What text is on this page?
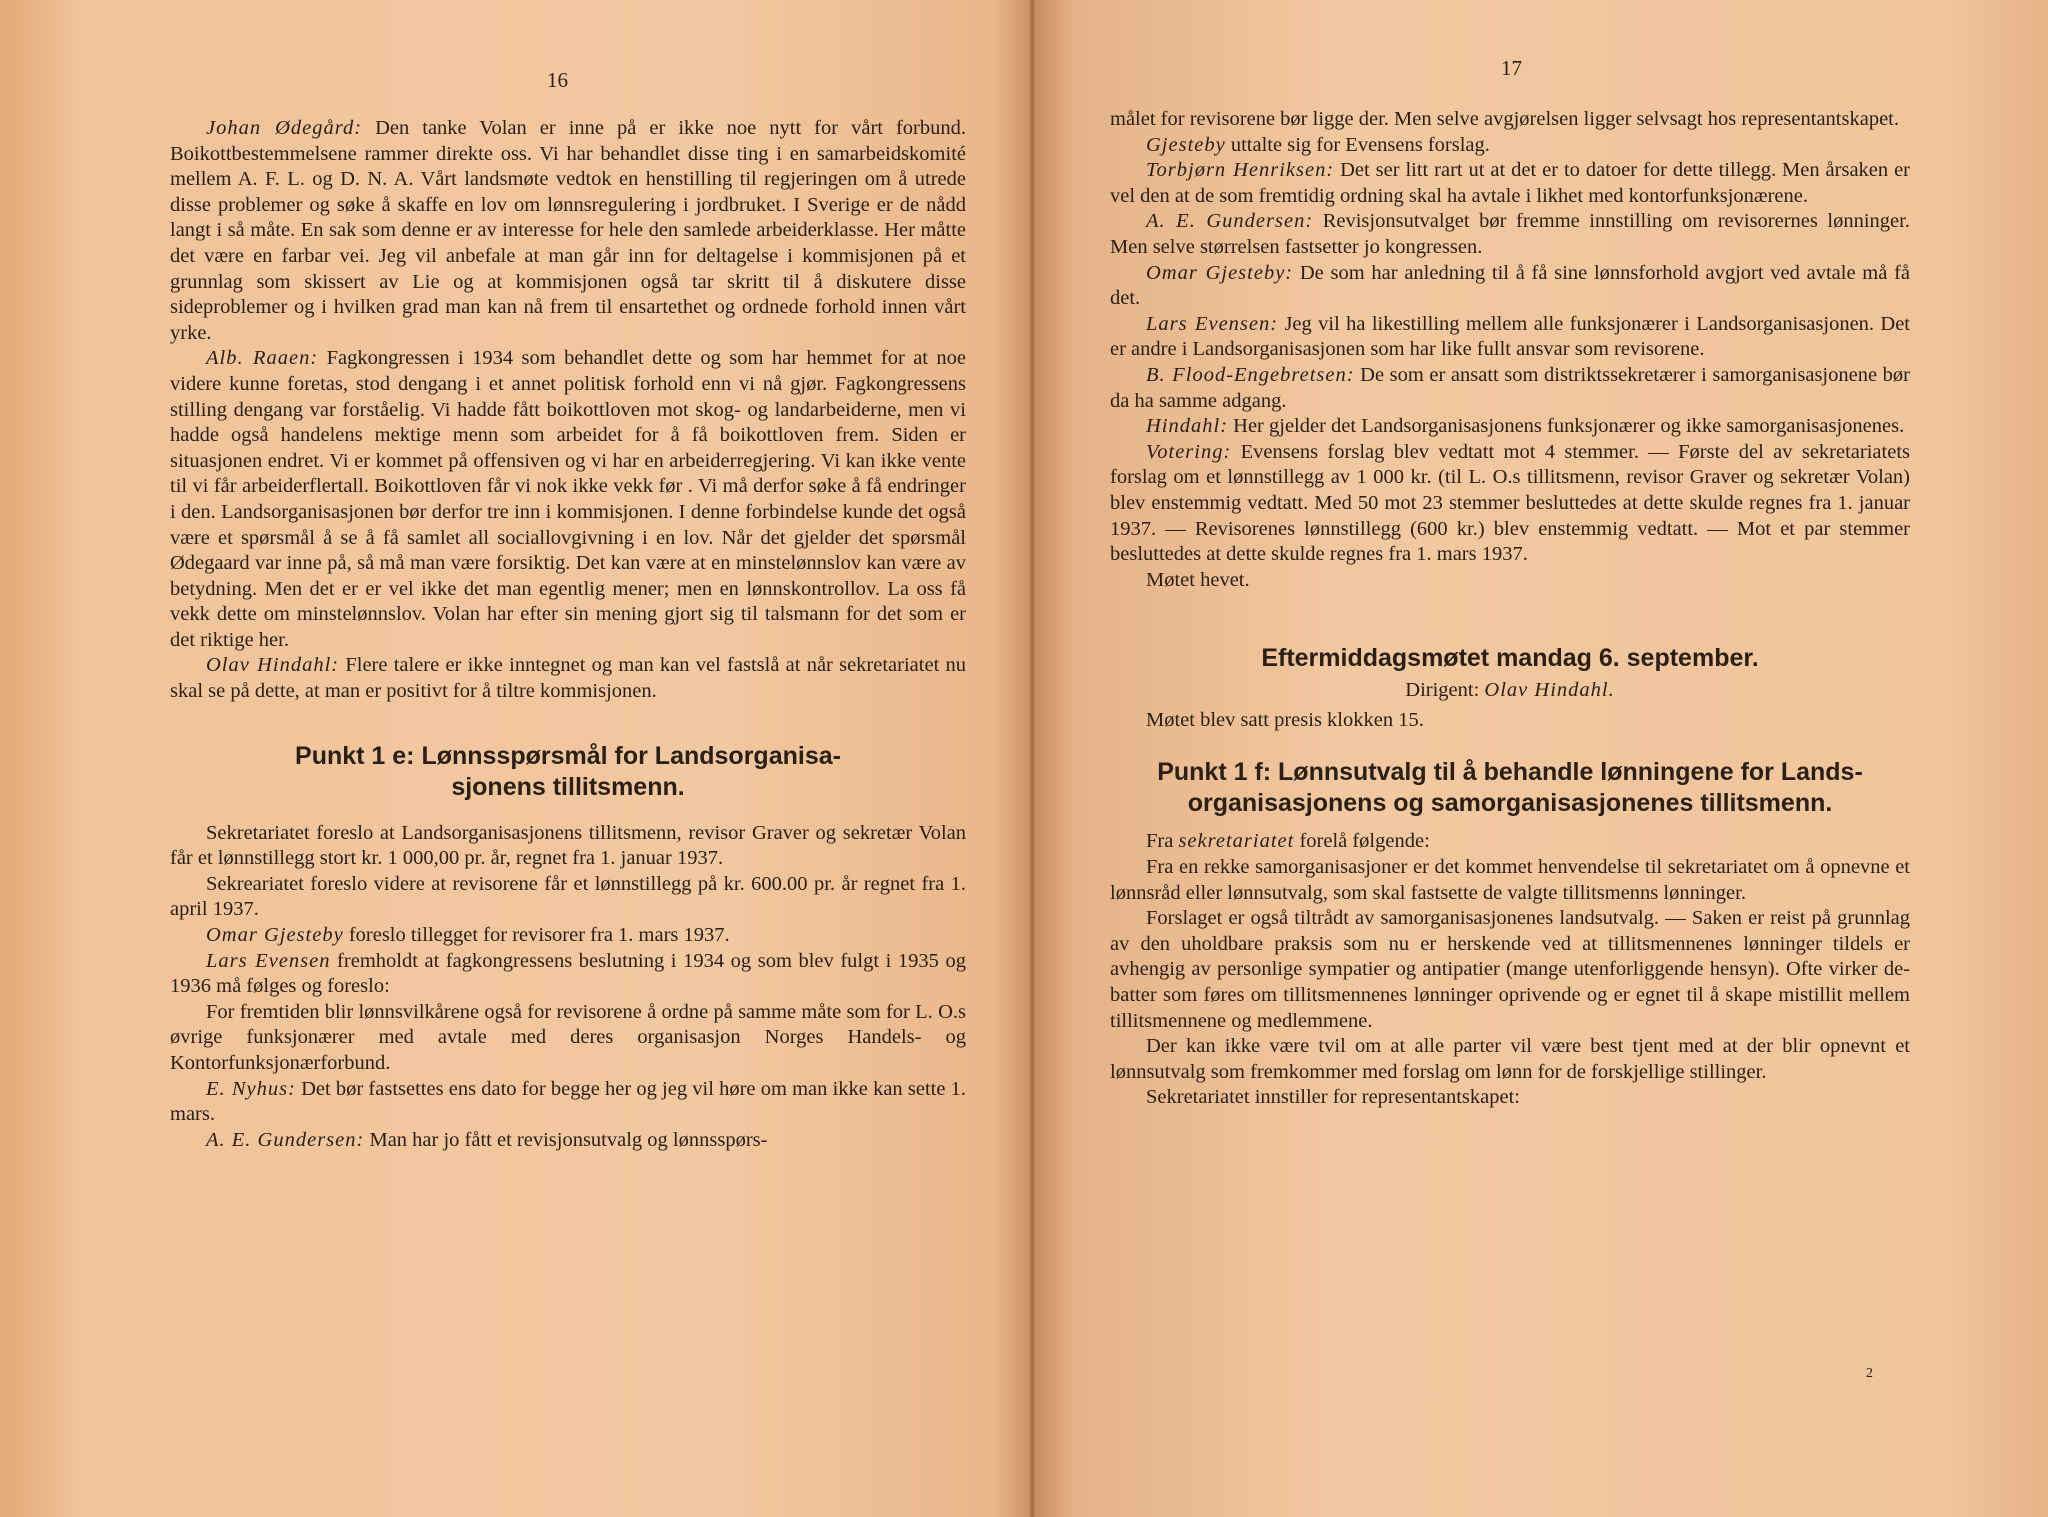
16

Johan Ødegård: Den tanke Volan er inne på er ikke noe nytt for vårt forbund. Boikottbestemmelsene rammer direkte oss. Vi har behandlet disse ting i en samarbeidskomité mellem A. F. L. og D. N. A. Vårt landsmøte vedtok en henstilling til regjeringen om å utrede disse problemer og søke å skaffe en lov om lønnsregulering i jordbruket. I Sverige er de nådd langt i så måte. En sak som denne er av interesse for hele den samlede arbeiderklasse. Her måtte det være en farbar vei. Jeg vil anbefale at man går inn for deltagelse i kommisjonen på et grunnlag som skissert av Lie og at kommisjonen også tar skritt til å diskutere disse sideproblemer og i hvilken grad man kan nå frem til ensartethet og ordnede forhold innen vårt yrke.

Alb. Raaen: Fagkongressen i 1934 som behandlet dette og som har hemmet for at noe videre kunne foretas, stod dengang i et annet politisk forhold enn vi nå gjør. Fagkongressens stilling dengang var forståelig. Vi hadde fått boikottloven mot skog- og landarbeiderne, men vi hadde også handelens mektige menn som arbeidet for å få boikottloven frem. Siden er situasjonen endret. Vi er kommet på offensiven og vi har en arbeiderregjering. Vi kan ikke vente til vi får arbeiderflertall. Boikottloven får vi nok ikke vekk før . Vi må derfor søke å få endringer i den. Landsorganisasjonen bør derfor tre inn i kommisjonen. I denne forbindelse kunde det også være et spørsmål å se å få samlet all sociallovgivning i en lov. Når det gjelder det spørsmål Ødegaard var inne på, så må man være forsiktig. Det kan være at en minstelønnslov kan være av betydning. Men det er er vel ikke det man egentlig mener; men en lønnskontrollov. La oss få vekk dette om minstelønnslov. Volan har efter sin mening gjort sig til talsmann for det som er det riktige her.

Olav Hindahl: Flere talere er ikke inntegnet og man kan vel fastslå at når sekretariatet nu skal se på dette, at man er positivt for å tiltre kommisjonen.

Punkt 1 e: Lønnsspørsmål for Landsorganisa-
sjonens tillitsmenn.

Sekretariatet foreslo at Landsorganisasjonens tillitsmenn, revisor Graver og sekretær Volan får et lønnstillegg stort kr. 1 000,00 pr. år, regnet fra 1. januar 1937.

Sekreariatet foreslo videre at revisorene får et lønnstillegg på kr. 600.00 pr. år regnet fra 1. april 1937.

Omar Gjesteby foreslo tillegget for revisorer fra 1. mars 1937.

Lars Evensen fremholdt at fagkongressens beslutning i 1934 og som blev fulgt i 1935 og 1936 må følges og foreslo:

For fremtiden blir lønnsvilkårene også for revisorene å ordne på samme måte som for L. O.s øvrige funksjonærer med avtale med deres organisasjon Norges Handels- og Kontorfunksjonærforbund.

E. Nyhus: Det bør fastsettes ens dato for begge her og jeg vil høre om man ikke kan sette 1. mars.

A. E. Gundersen: Man har jo fått et revisjonsutvalg og lønnsspørs-

17

målet for revisorene bør ligge der. Men selve avgjørelsen ligger selvsagt hos representantskapet.

Gjesteby uttalte sig for Evensens forslag.

Torbjørn Henriksen: Det ser litt rart ut at det er to datoer for dette tillegg. Men årsaken er vel den at de som fremtidig ordning skal ha avtale i likhet med kontorfunksjonærene.

A. E. Gundersen: Revisjonsutvalget bør fremme innstilling om revisorernes lønninger. Men selve størrelsen fastsetter jo kongressen.

Omar Gjesteby: De som har anledning til å få sine lønnsforhold avgjort ved avtale må få det.

Lars Evensen: Jeg vil ha likestilling mellem alle funksjonærer i Landsorganisasjonen. Det er andre i Landsorganisasjonen som har like fullt ansvar som revisorene.

B. Flood-Engebretsen: De som er ansatt som distriktssekretærer i samorganisasjonene bør da ha samme adgang.

Hindahl: Her gjelder det Landsorganisasjonens funksjonærer og ikke samorganisasjonenes.

Votering: Evensens forslag blev vedtatt mot 4 stemmer. — Første del av sekretariatets forslag om et lønnstillegg av 1 000 kr. (til L. O.s tillitsmenn, revisor Graver og sekretær Volan) blev enstemmig vedtatt. Med 50 mot 23 stemmer besluttedes at dette skulde regnes fra 1. januar 1937. — Revisorenes lønnstillegg (600 kr.) blev enstemmig vedtatt. — Mot et par stemmer besluttedes at dette skulde regnes fra 1. mars 1937.

Møtet hevet.

Eftermiddagsmøtet mandag 6. september.

Dirigent: Olav Hindahl.

Møtet blev satt presis klokken 15.

Punkt 1 f: Lønnsutvalg til å behandle lønningene for Lands-
organisasjonens og samorganisasjonenes tillitsmenn.

Fra sekretariatet forelå følgende:

Fra en rekke samorganisasjoner er det kommet henvendelse til sekretariatet om å opnevne et lønnsråd eller lønnsutvalg, som skal fastsette de valgte tillitsmenns lønninger.

Forslaget er også tiltrådt av samorganisasjonenes landsutvalg. — Saken er reist på grunnlag av den uholdbare praksis som nu er herskende ved at tillitsmennenes lønninger tildels er avhengig av personlige sympatier og antipatier (mange utenforliggende hensyn). Ofte virker de- batter som føres om tillitsmennenes lønninger oprivende og er egnet til å skape mistillit mellem tillitsmennene og medlemmene.

Der kan ikke være tvil om at alle parter vil være best tjent med at der blir opnevnt et lønnsutvalg som fremkommer med forslag om lønn for de forskjellige stillinger.

Sekretariatet innstiller for representantskapet:

2
